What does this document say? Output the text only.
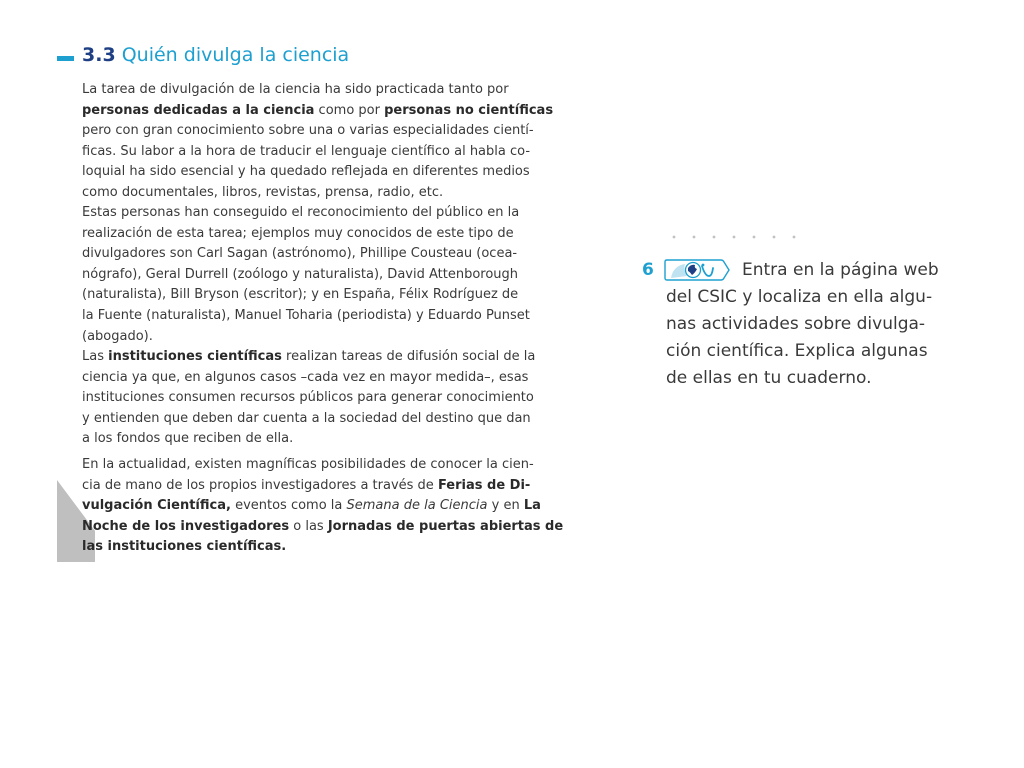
3.3 Quién divulga la ciencia

La tarea de divulgación de la ciencia ha sido practicada tanto por
personas dedicadas a la ciencia como por personas no científicas
pero con gran conocimiento sobre una o varias especialidades cientí-
ficas. Su labor a la hora de traducir el lenguaje científico al habla co-
loquial ha sido esencial y ha quedado reflejada en diferentes medios
como documentales, libros, revistas, prensa, radio, etc.

Estas personas han conseguido el reconocimiento del público en la
realización de esta tarea; ejemplos muy conocidos de este tipo de
divulgadores son Carl Sagan (astrónomo), Phillipe Cousteau (ocea-
nógrafo), Geral Durrell (zoólogo y naturalista), David Attenborough
(naturalista), Bill Bryson (escritor); y en España, Félix Rodríguez de
la Fuente (naturalista), Manuel Toharia (periodista) y Eduardo Punset
(abogado).

Las instituciones científicas realizan tareas de difusión social de la
ciencia ya que, en algunos casos –cada vez en mayor medida–, esas
instituciones consumen recursos públicos para generar conocimiento
y entienden que deben dar cuenta a la sociedad del destino que dan
a los fondos que reciben de ella.

En la actualidad, existen magníficas posibilidades de conocer la cien-
cia de mano de los propios investigadores a través de Ferias de Di-
vulgación Científica, eventos como la Semana de la Ciencia y en La
Noche de los investigadores o las Jornadas de puertas abiertas de
las instituciones científicas.

6	Entra en la página web
del CSIC y localiza en ella algu-
nas actividades sobre divulga-
ción científica. Explica algunas
de ellas en tu cuaderno.
